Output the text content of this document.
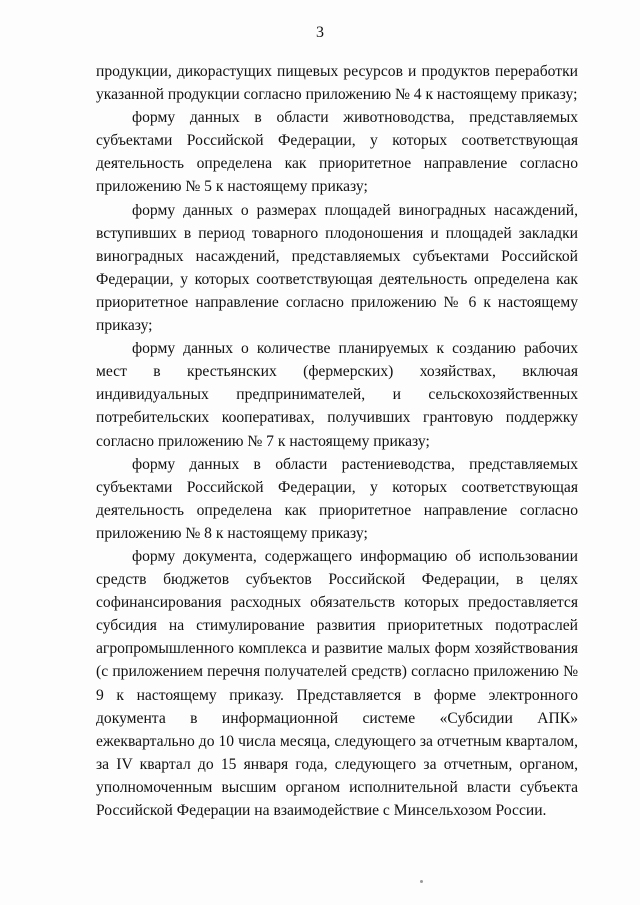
3

продукции, дикорастущих пищевых ресурсов и продуктов переработки указанной продукции согласно приложению № 4 к настоящему приказу;

форму данных в области животноводства, представляемых субъектами Российской Федерации, у которых соответствующая деятельность определена как приоритетное направление согласно приложению № 5 к настоящему приказу;

форму данных о размерах площадей виноградных насаждений, вступивших в период товарного плодоношения и площадей закладки виноградных насаждений, представляемых субъектами Российской Федерации, у которых соответствующая деятельность определена как приоритетное направление согласно приложению № 6 к настоящему приказу;

форму данных о количестве планируемых к созданию рабочих мест в крестьянских (фермерских) хозяйствах, включая индивидуальных предпринимателей, и сельскохозяйственных потребительских кооперативах, получивших грантовую поддержку согласно приложению № 7 к настоящему приказу;

форму данных в области растениеводства, представляемых субъектами Российской Федерации, у которых соответствующая деятельность определена как приоритетное направление согласно приложению № 8 к настоящему приказу;

форму документа, содержащего информацию об использовании средств бюджетов субъектов Российской Федерации, в целях софинансирования расходных обязательств которых предоставляется субсидия на стимулирование развития приоритетных подотраслей агропромышленного комплекса и развитие малых форм хозяйствования (с приложением перечня получателей средств) согласно приложению № 9 к настоящему приказу. Представляется в форме электронного документа в информационной системе «Субсидии АПК» ежеквартально до 10 числа месяца, следующего за отчетным кварталом, за IV квартал до 15 января года, следующего за отчетным, органом, уполномоченным высшим органом исполнительной власти субъекта Российской Федерации на взаимодействие с Минсельхозом России.
